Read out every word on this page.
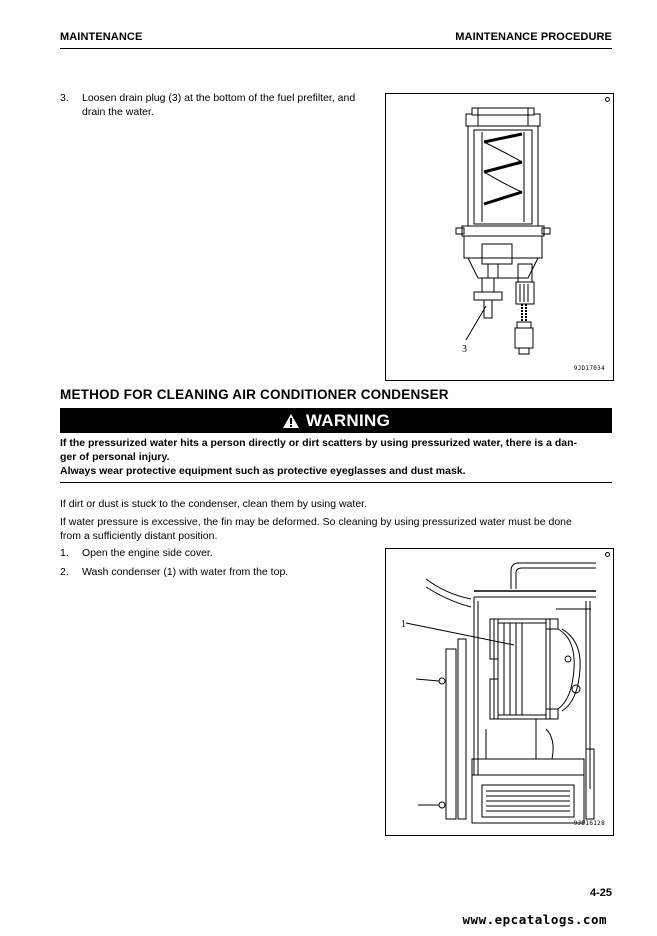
MAINTENANCE	MAINTENANCE PROCEDURE
3. Loosen drain plug (3) at the bottom of the fuel prefilter, and
drain the water.
3
9JD17034
METHOD FOR CLEANING AIR CONDITIONER CONDENSER
WARNING
If the pressurized water hits a person directly or dirt scatters by using pressurized water, there is a dan-
ger of personal injury.
Always wear protective equipment such as protective eyeglasses and dust mask.
If dirt or dust is stuck to the condenser, clean them by using water.
If water pressure is excessive, the fin may be deformed. So cleaning by using pressurized water must be done
from a sufficiently distant position.
1. Open the engine side cover.
2. Wash condenser (1) with water from the top.
1
9JD16128
4-25
www.epcatalogs.com
